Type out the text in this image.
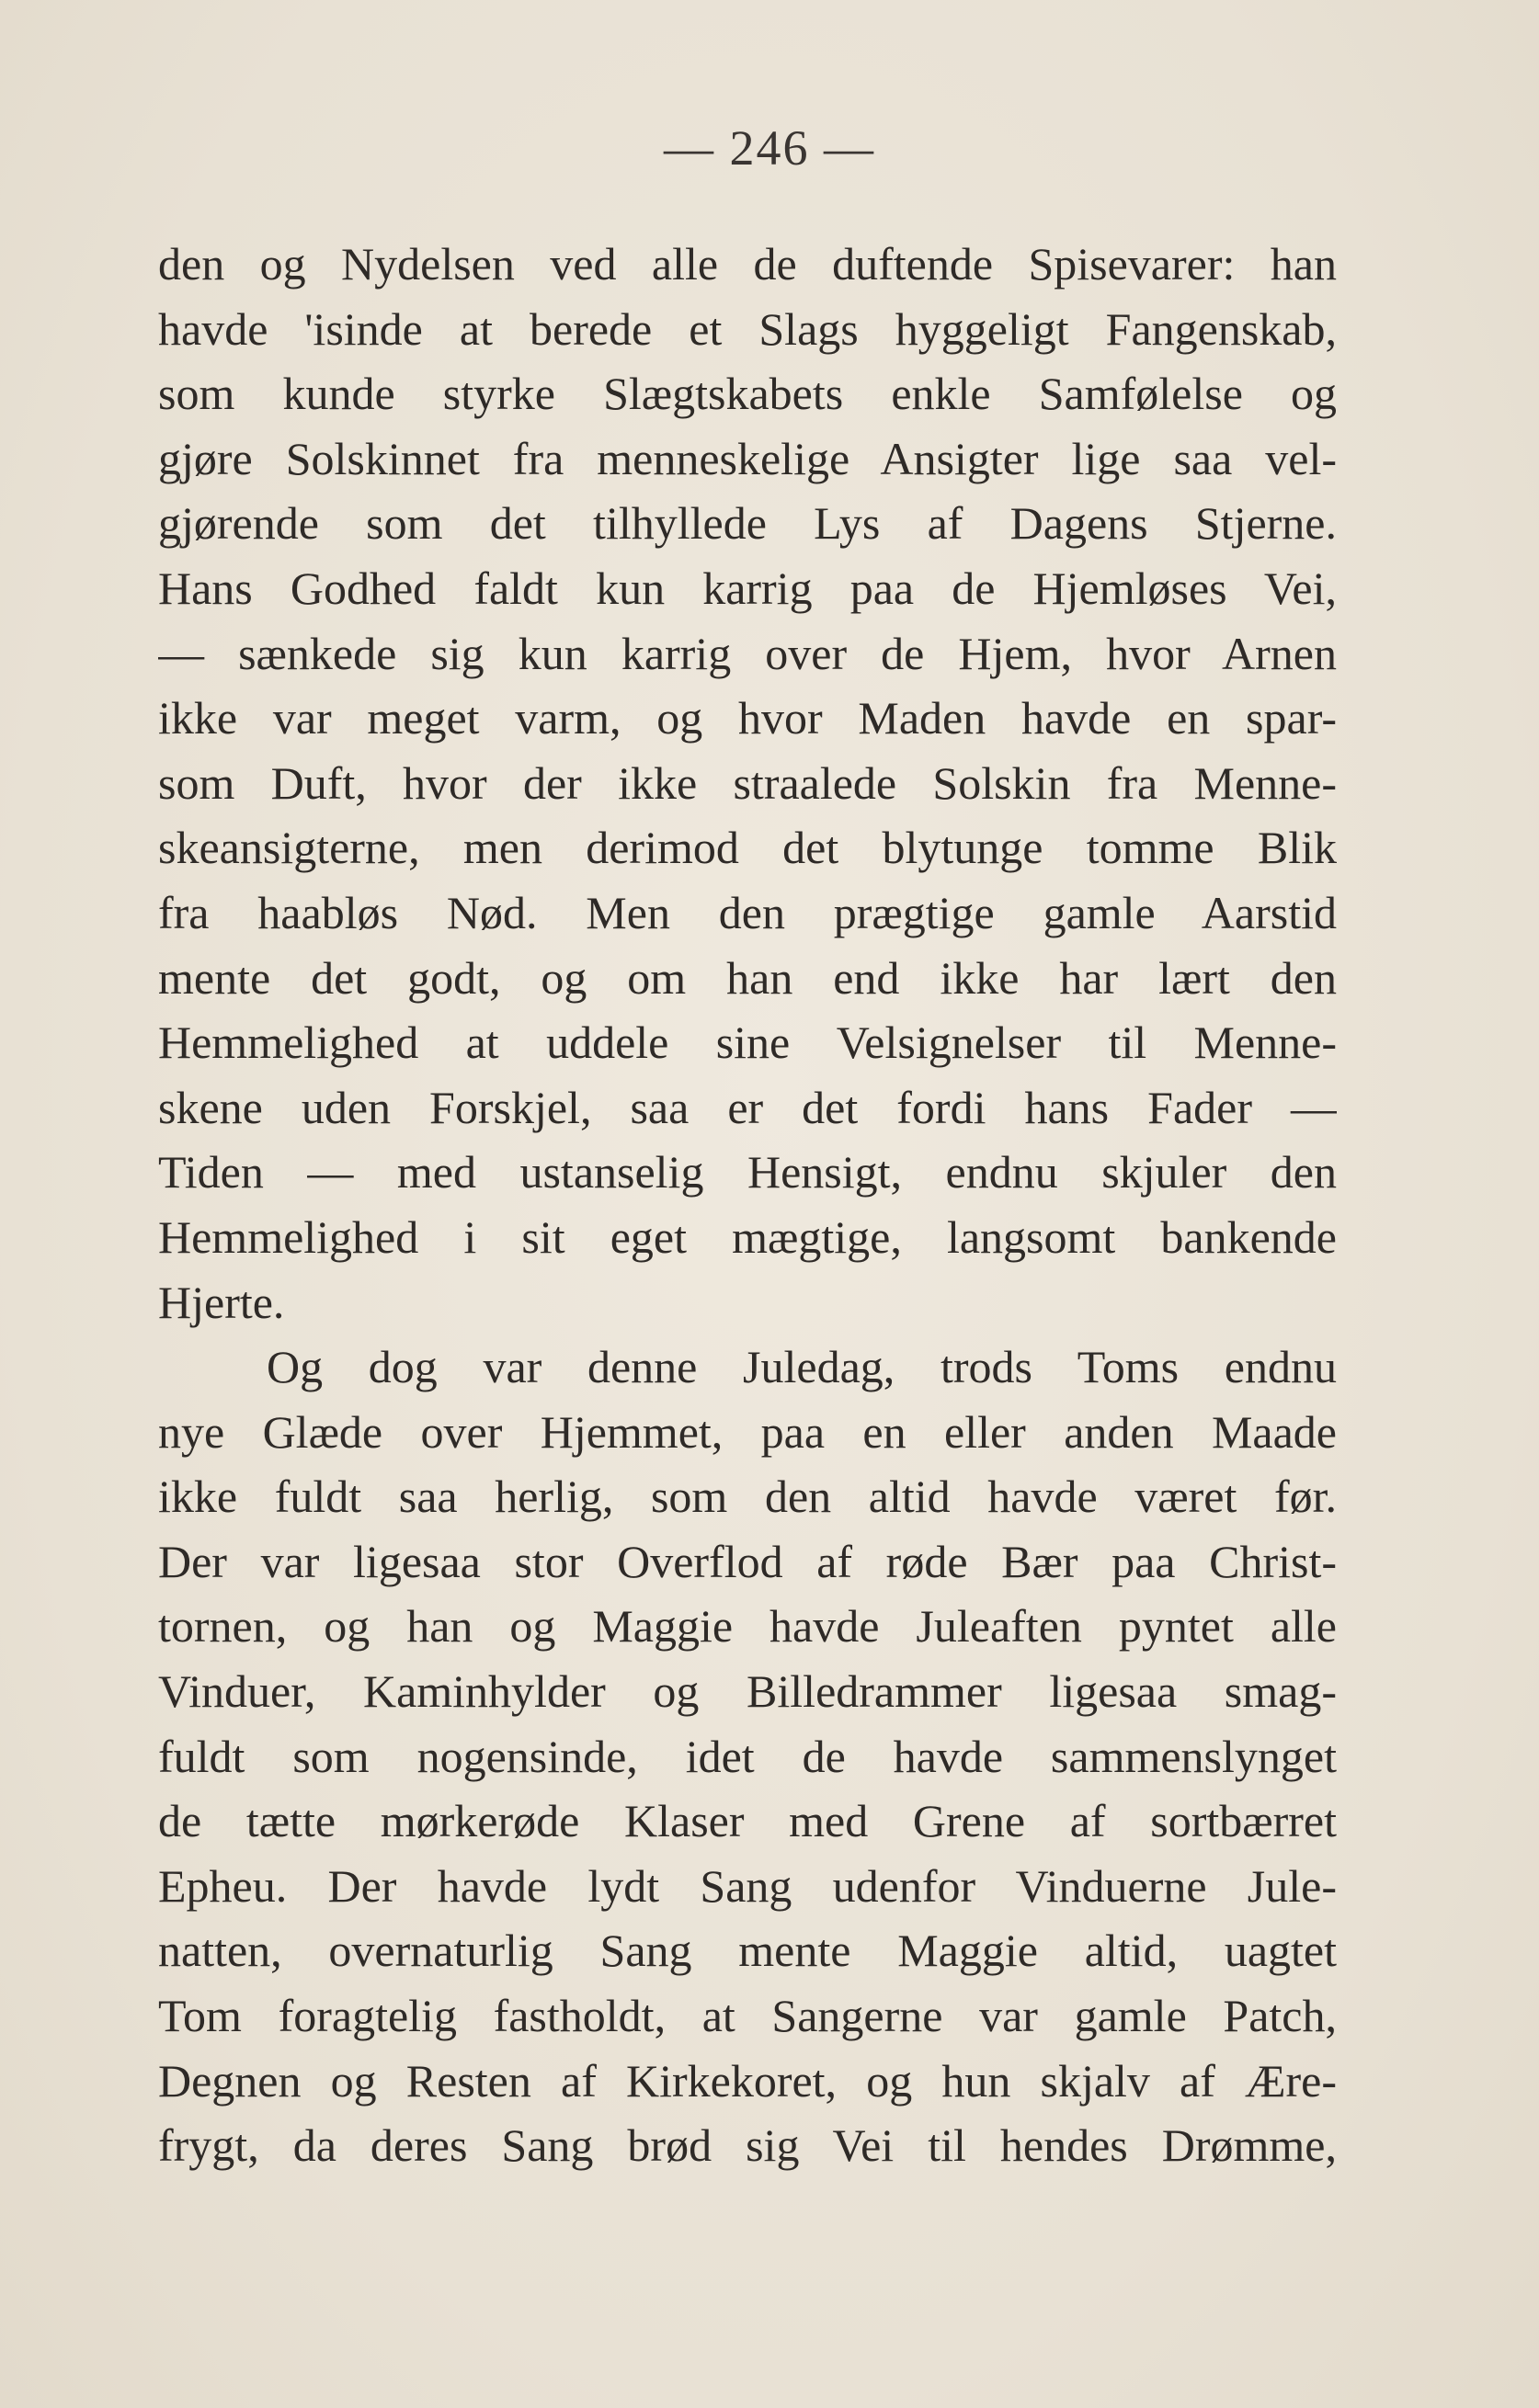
— 246 —
den og Nydelsen ved alle de duftende Spisevarer: han
havde 'isinde at berede et Slags hyggeligt Fangenskab,
som kunde styrke Slægtskabets enkle Samfølelse og
gjøre Solskinnet fra menneskelige Ansigter lige saa vel-
gjørende som det tilhyllede Lys af Dagens Stjerne.
Hans Godhed faldt kun karrig paa de Hjemløses Vei,
— sænkede sig kun karrig over de Hjem, hvor Arnen
ikke var meget varm, og hvor Maden havde en spar-
som Duft, hvor der ikke straalede Solskin fra Menne-
skeansigterne, men derimod det blytunge tomme Blik
fra haabløs Nød. Men den prægtige gamle Aarstid
mente det godt, og om han end ikke har lært den
Hemmelighed at uddele sine Velsignelser til Menne-
skene uden Forskjel, saa er det fordi hans Fader —
Tiden — med ustanselig Hensigt, endnu skjuler den
Hemmelighed i sit eget mægtige, langsomt bankende
Hjerte.
Og dog var denne Juledag, trods Toms endnu
nye Glæde over Hjemmet, paa en eller anden Maade
ikke fuldt saa herlig, som den altid havde været før.
Der var ligesaa stor Overflod af røde Bær paa Christ-
tornen, og han og Maggie havde Juleaften pyntet alle
Vinduer, Kaminhylder og Billedrammer ligesaa smag-
fuldt som nogensinde, idet de havde sammenslynget
de tætte mørkerøde Klaser med Grene af sortbærret
Epheu. Der havde lydt Sang udenfor Vinduerne Jule-
natten, overnaturlig Sang mente Maggie altid, uagtet
Tom foragtelig fastholdt, at Sangerne var gamle Patch,
Degnen og Resten af Kirkekoret, og hun skjalv af Ære-
frygt, da deres Sang brød sig Vei til hendes Drømme,
